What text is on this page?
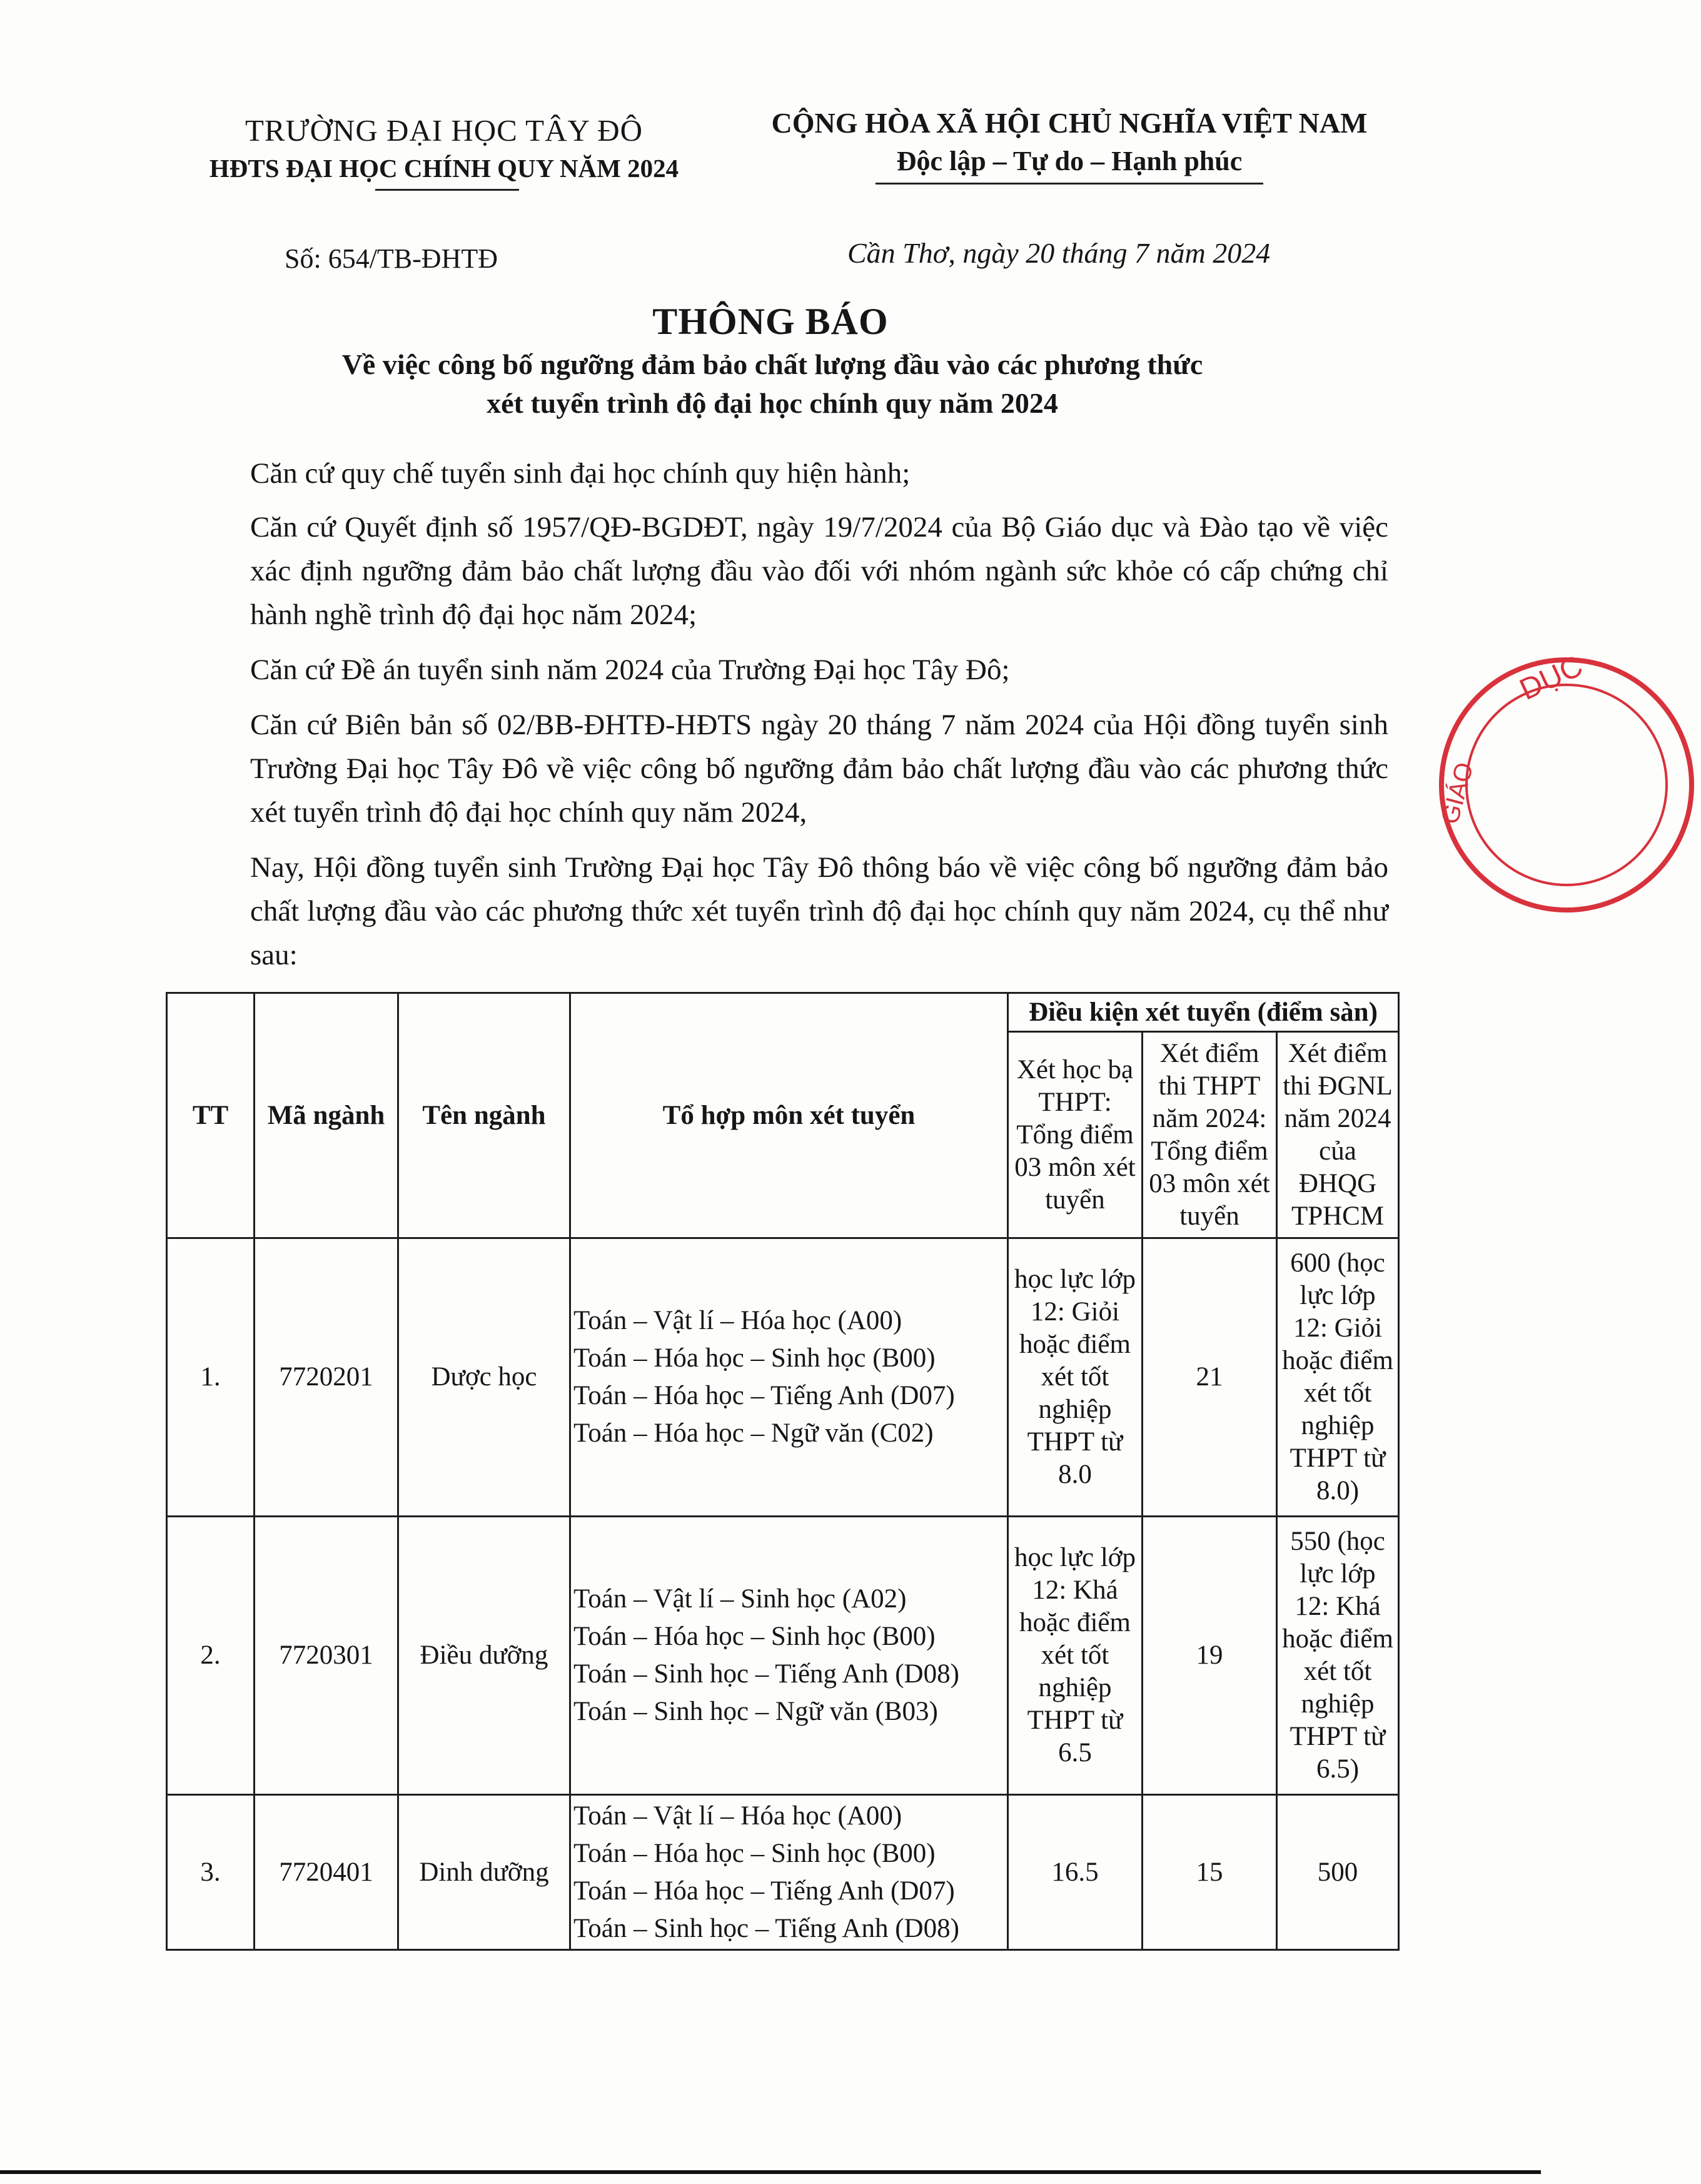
TRƯỜNG ĐẠI HỌC TÂY ĐÔ
HĐTS ĐẠI HỌC CHÍNH QUY NĂM 2024
CỘNG HÒA XÃ HỘI CHỦ NGHĨA VIỆT NAM
Độc lập – Tự do – Hạnh phúc
Số: 654/TB-ĐHTĐ	Cần Thơ, ngày 20 tháng 7 năm 2024
THÔNG BÁO
Về việc công bố ngưỡng đảm bảo chất lượng đầu vào các phương thức
xét tuyển trình độ đại học chính quy năm 2024
Căn cứ quy chế tuyển sinh đại học chính quy hiện hành;
Căn cứ Quyết định số 1957/QĐ-BGDĐT, ngày 19/7/2024 của Bộ Giáo dục và Đào tạo về việc xác định ngưỡng đảm bảo chất lượng đầu vào đối với nhóm ngành sức khỏe có cấp chứng chỉ hành nghề trình độ đại học năm 2024;
Căn cứ Đề án tuyển sinh năm 2024 của Trường Đại học Tây Đô;
Căn cứ Biên bản số 02/BB-ĐHTĐ-HĐTS ngày 20 tháng 7 năm 2024 của Hội đồng tuyển sinh Trường Đại học Tây Đô về việc công bố ngưỡng đảm bảo chất lượng đầu vào các phương thức xét tuyển trình độ đại học chính quy năm 2024,
Nay, Hội đồng tuyển sinh Trường Đại học Tây Đô thông báo về việc công bố ngưỡng đảm bảo chất lượng đầu vào các phương thức xét tuyển trình độ đại học chính quy năm 2024, cụ thể như sau:
TT	Mã ngành	Tên ngành	Tổ hợp môn xét tuyển	Điều kiện xét tuyển (điểm sàn)		
				Xét học bạ THPT: Tổng điểm 03 môn xét tuyển	Xét điểm thi THPT năm 2024: Tổng điểm 03 môn xét tuyển	Xét điểm thi ĐGNL năm 2024 của ĐHQG TPHCM
1.	7720201	Dược học	Toán – Vật lí – Hóa học (A00)
Toán – Hóa học – Sinh học (B00)
Toán – Hóa học – Tiếng Anh (D07)
Toán – Hóa học – Ngữ văn (C02)	học lực lớp 12: Giỏi hoặc điểm xét tốt nghiệp THPT từ 8.0	21	600 (học lực lớp 12: Giỏi hoặc điểm xét tốt nghiệp THPT từ 8.0)
2.	7720301	Điều dưỡng	Toán – Vật lí – Sinh học (A02)
Toán – Hóa học – Sinh học (B00)
Toán – Sinh học – Tiếng Anh (D08)
Toán – Sinh học – Ngữ văn (B03)	học lực lớp 12: Khá hoặc điểm xét tốt nghiệp THPT từ 6.5	19	550 (học lực lớp 12: Khá hoặc điểm xét tốt nghiệp THPT từ 6.5)
3.	7720401	Dinh dưỡng	Toán – Vật lí – Hóa học (A00)
Toán – Hóa học – Sinh học (B00)
Toán – Hóa học – Tiếng Anh (D07)
Toán – Sinh học – Tiếng Anh (D08)	16.5	15	500
DỤC
GIÁO
